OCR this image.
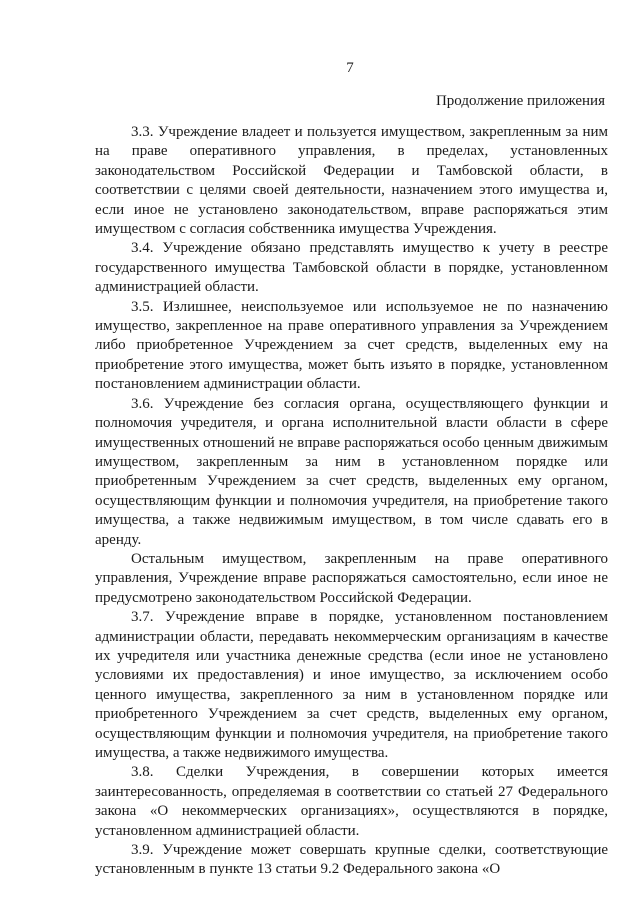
7
Продолжение приложения

3.3. Учреждение владеет и пользуется имуществом, закрепленным за ним на праве оперативного управления, в пределах, установленных законодательством Российской Федерации и Тамбовской области, в соответствии с целями своей деятельности, назначением этого имущества и, если иное не установлено законодательством, вправе распоряжаться этим имуществом с согласия собственника имущества Учреждения.

3.4. Учреждение обязано представлять имущество к учету в реестре государственного имущества Тамбовской области в порядке, установленном администрацией области.

3.5. Излишнее, неиспользуемое или используемое не по назначению имущество, закрепленное на праве оперативного управления за Учреждением либо приобретенное Учреждением за счет средств, выделенных ему на приобретение этого имущества, может быть изъято в порядке, установленном постановлением администрации области.

3.6. Учреждение без согласия органа, осуществляющего функции и полномочия учредителя, и органа исполнительной власти области в сфере имущественных отношений не вправе распоряжаться особо ценным движимым имуществом, закрепленным за ним в установленном порядке или приобретенным Учреждением за счет средств, выделенных ему органом, осуществляющим функции и полномочия учредителя, на приобретение такого имущества, а также недвижимым имуществом, в том числе сдавать его в аренду.

Остальным имуществом, закрепленным на праве оперативного управления, Учреждение вправе распоряжаться самостоятельно, если иное не предусмотрено законодательством Российской Федерации.

3.7. Учреждение вправе в порядке, установленном постановлением администрации области, передавать некоммерческим организациям в качестве их учредителя или участника денежные средства (если иное не установлено условиями их предоставления) и иное имущество, за исключением особо ценного имущества, закрепленного за ним в установленном порядке или приобретенного Учреждением за счет средств, выделенных ему органом, осуществляющим функции и полномочия учредителя, на приобретение такого имущества, а также недвижимого имущества.

3.8. Сделки Учреждения, в совершении которых имеется заинтересованность, определяемая в соответствии со статьей 27 Федерального закона «О некоммерческих организациях», осуществляются в порядке, установленном администрацией области.

3.9. Учреждение может совершать крупные сделки, соответствующие установленным в пункте 13 статьи 9.2 Федерального закона «О
